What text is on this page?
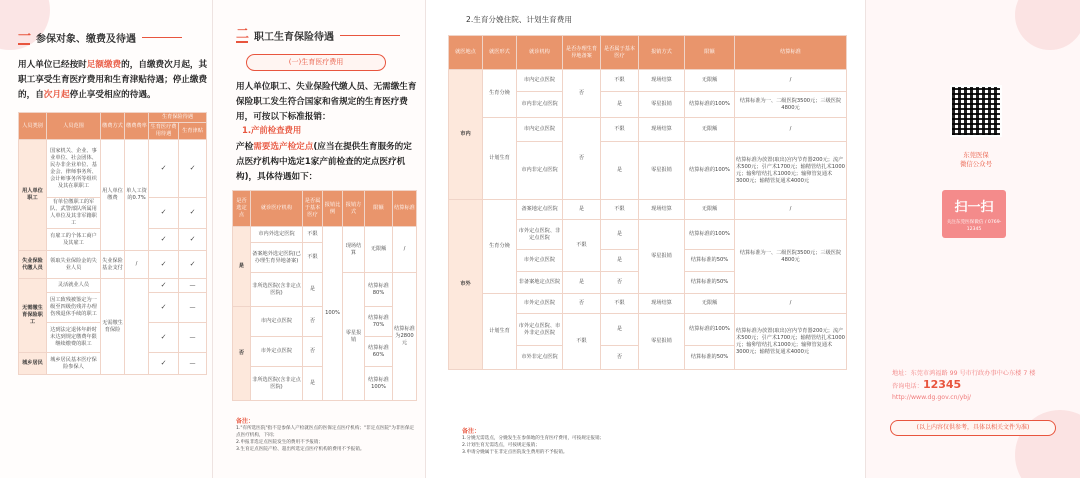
一 参保对象、缴费及待遇
用人单位已经按时足额缴费的，自缴费次月起，其职工享受生育医疗费用和生育津贴待遇；停止缴费的，自次月起停止享受相应的待遇。
人员类别	人员范围	缴费方式	缴费费率	生育保险待遇	
				生育医疗费用待遇	生育津贴
用人单位职工	国家机关、企业、事业单位、社会团体、民办非企业单位、基金会、律师事务所、会计师事务所等组织及其在职职工	用人单位缴费	单人工资的0.7%	✓	✓
	有单位缴职工的军队、武警部队所属用人单位及其非军籍职工	✓	✓
	有雇工的个体工商户及其雇工	✓	✓
失业保险代缴人员	领取失业保险金的失业人员	失业保险基金支付	/	✓	✓
无需缴生育保险职工	灵活就业人员	无需缴生育保险		✓	—
	因工致残被鉴定为一级至四级伤残并办理伤残退休手续的职工	✓	—
	达到法定退休年龄时未达到规定缴费年限继续缴费的职工	✓	—
城乡居民	城乡居民基本医疗保险参保人	✓	—
二 职工生育保险待遇
(一)生育医疗费用
用人单位职工、失业保险代缴人员、无需缴生育保险职工发生符合国家和省规定的生育医疗费用，可按以下标准报销：
1.产前检查费用
产检需要选产检定点(应当在提供生育服务的定点医疗机构中选定1家产前检查的定点医疗机构)，具体待遇如下：
是否选定点	就诊医疗机构	是否属于基本医疗	报销比例	报销方式	限额	结算标准
是	市内外选定医院	不限	100%	现场结算	无限额	/
	备案地外选定医院(已办理生育异地备案)	不限				
	非所选医院(含非定点医院)	是		零星报销	结算标准80%	结算标准为2800元
否	市内定点医院	否			结算标准70%	
	市外定点医院	否			结算标准60%	
	非所选医院(含非定点医院)	是			结算标准100%	
备注：
1."有所选医院"指不是参保人产检就医点的医保定点医疗机构；"非定点医院"为非医保定点医疗机构，下同；
2.申报非选定点医院发生的费用不予报销；
3.生育定点医院产检、超出所选定点医疗机构的费用不予报销。
2.生育分娩住院、计划生育费用
就医地点	就医形式	就诊机构	是否办理生育异地备案	是否属于基本医疗	报销方式	限额	结算标准
市内	生育分娩	市内定点医院	否	不限	现场结算	无限额	/
		市内非定点医院		是	零星报销	结算标准的100%	结算标准为一、二级医院3500元；三级医院4800元
	计划生育	市内定点医院	否	不限	现场结算	无限额	/
		市内非定点医院		是	零星报销	结算标准的100%	结算标准为放置(取出)宫内节育器200元；流产术500元；引产术1700元；输精管结扎术1000元；输卵管结扎术1000元；输卵管复通术3000元；输精管复通术4000元
市外	生育分娩	备案地定点医院	是	不限	现场结算	无限额	/
		市外定点医院、非定点医院	不限	是	零星报销	结算标准的100%	结算标准为一、二级医院3500元；三级医院4800元
		市外定点医院		是		结算标准的50%	
		非备案地定点医院	是	否		结算标准的50%	
	计划生育	市外定点医院	否	不限	现场结算	无限额	/
		市外定点医院、市外非定点医院	不限	是	零星报销	结算标准的100%	结算标准为放置(取出)宫内节育器200元；流产术500元；引产术1700元；输精管结扎术1000元；输卵管结扎术1000元；输卵管复通术3000元；输精管复通术4000元
		市外非定点医院		否		结算标准的50%	
备注：
1.分娩无需选点，分娩发生在参保地的生育医疗费用，可按规定报销；
2.计划生育无需选点，可按规定报销；
3.申请分娩属于在非定点医院发生费用的不予报销。
东莞医保
微信公众号
扫一扫
关注东莞医保微信 / 0769-12345
地址：东莞市鸿福路 99 号市行政办事中心东楼 7 楼
咨询电话：12345
http://www.dg.gov.cn/ybj/
(以上内容仅供参考，具体以相关文件为准)
